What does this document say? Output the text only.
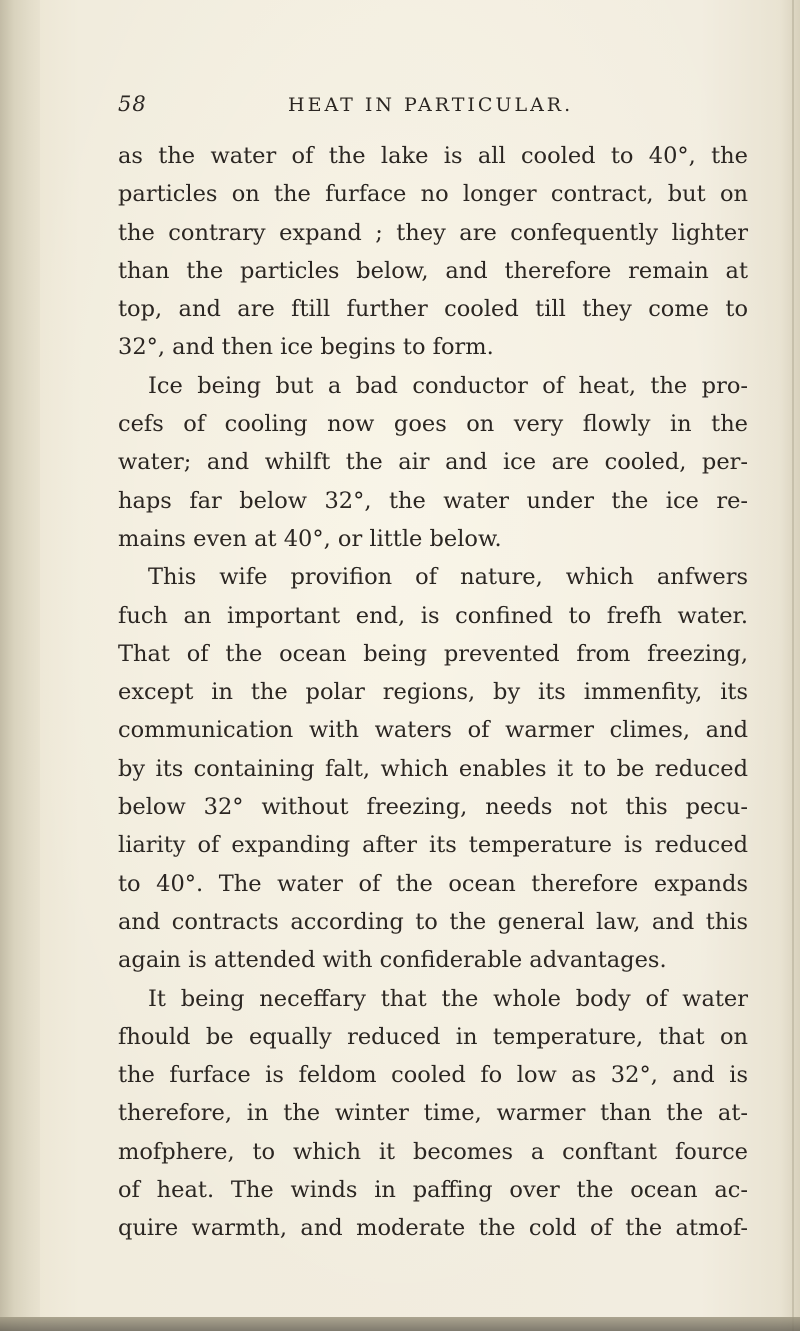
58	HEAT IN PARTICULAR.
as the water of the lake is all cooled to 40°, the
particles on the furface no longer contract, but on
the contrary expand ; they are confequently lighter
than the particles below, and therefore remain at
top, and are ftill further cooled till they come to
32°, and then ice begins to form.
Ice being but a bad conductor of heat, the pro-
cefs of cooling now goes on very flowly in the
water; and whilft the air and ice are cooled, per-
haps far below 32°, the water under the ice re-
mains even at 40°, or little below.
This wife provifion of nature, which anfwers
fuch an important end, is confined to frefh water.
That of the ocean being prevented from freezing,
except in the polar regions, by its immenfity, its
communication with waters of warmer climes, and
by its containing falt, which enables it to be reduced
below 32° without freezing, needs not this pecu-
liarity of expanding after its temperature is reduced
to 40°. The water of the ocean therefore expands
and contracts according to the general law, and this
again is attended with confiderable advantages.
It being neceffary that the whole body of water
fhould be equally reduced in temperature, that on
the furface is feldom cooled fo low as 32°, and is
therefore, in the winter time, warmer than the at-
mofphere, to which it becomes a conftant fource
of heat. The winds in paffing over the ocean ac-
quire warmth, and moderate the cold of the atmof-
